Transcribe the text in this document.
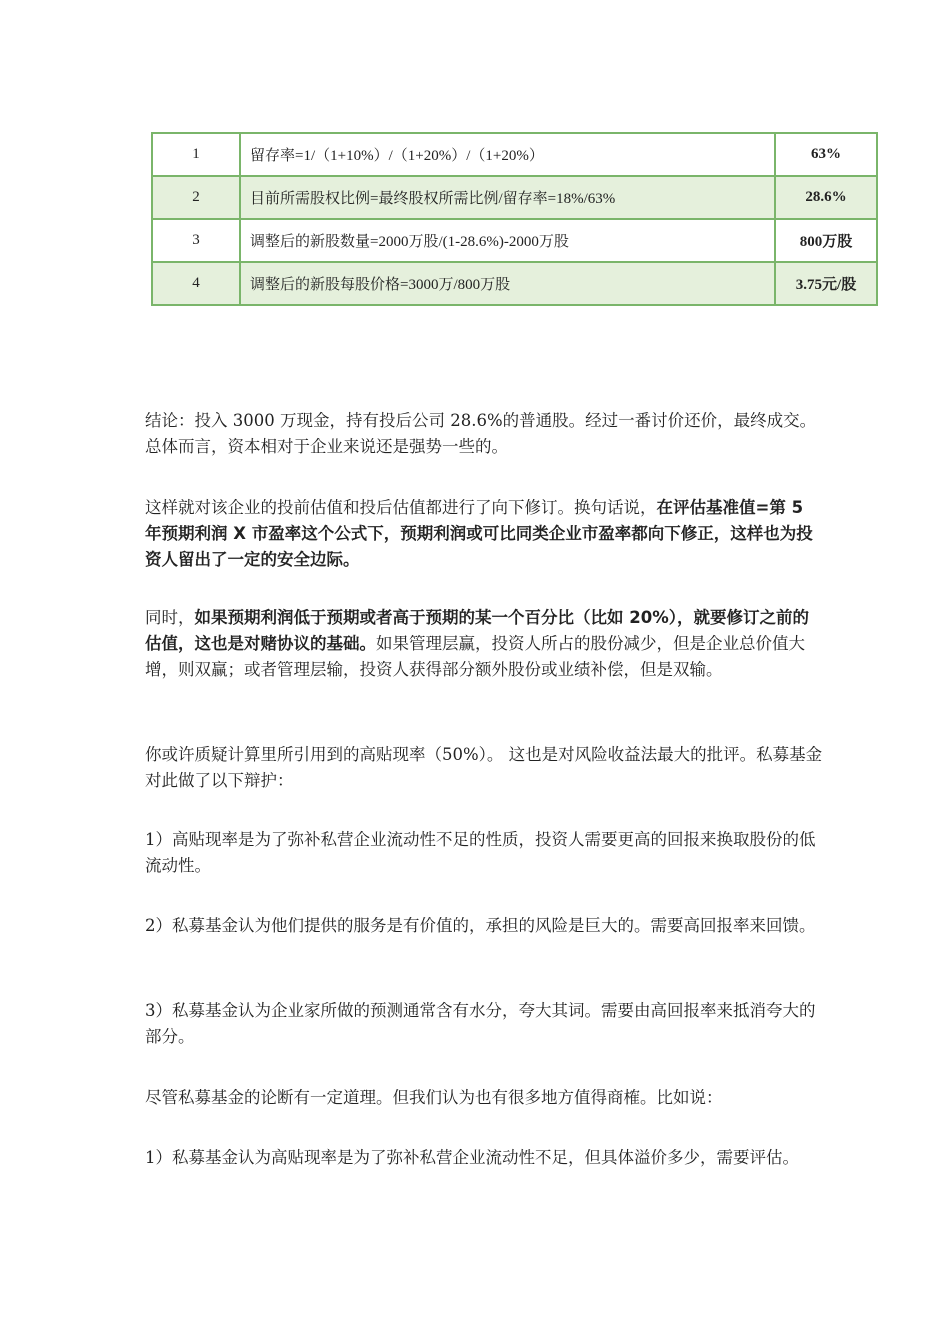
1	留存率=1/（1+10%）/（1+20%）/（1+20%）	63%
2	目前所需股权比例=最终股权所需比例/留存率=18%/63%	28.6%
3	调整后的新股数量=2000万股/(1-28.6%)-2000万股	800万股
4	调整后的新股每股价格=3000万/800万股	3.75元/股

结论：投入 3000 万现金，持有投后公司 28.6%的普通股。经过一番讨价还价，最终成交。总体而言，资本相对于企业来说还是强势一些的。

这样就对该企业的投前估值和投后估值都进行了向下修订。换句话说，在评估基准值=第 5 年预期利润 X 市盈率这个公式下，预期利润或可比同类企业市盈率都向下修正，这样也为投资人留出了一定的安全边际。

同时，如果预期利润低于预期或者高于预期的某一个百分比（比如 20%），就要修订之前的估值，这也是对赌协议的基础。如果管理层赢，投资人所占的股份减少，但是企业总价值大增，则双赢；或者管理层输，投资人获得部分额外股份或业绩补偿，但是双输。

你或许质疑计算里所引用到的高贴现率（50%）。 这也是对风险收益法最大的批评。私募基金对此做了以下辩护：

1）高贴现率是为了弥补私营企业流动性不足的性质，投资人需要更高的回报来换取股份的低流动性。

2）私募基金认为他们提供的服务是有价值的，承担的风险是巨大的。需要高回报率来回馈。

3）私募基金认为企业家所做的预测通常含有水分，夸大其词。需要由高回报率来抵消夸大的部分。

尽管私募基金的论断有一定道理。但我们认为也有很多地方值得商榷。比如说：

1）私募基金认为高贴现率是为了弥补私营企业流动性不足，但具体溢价多少，需要评估。
